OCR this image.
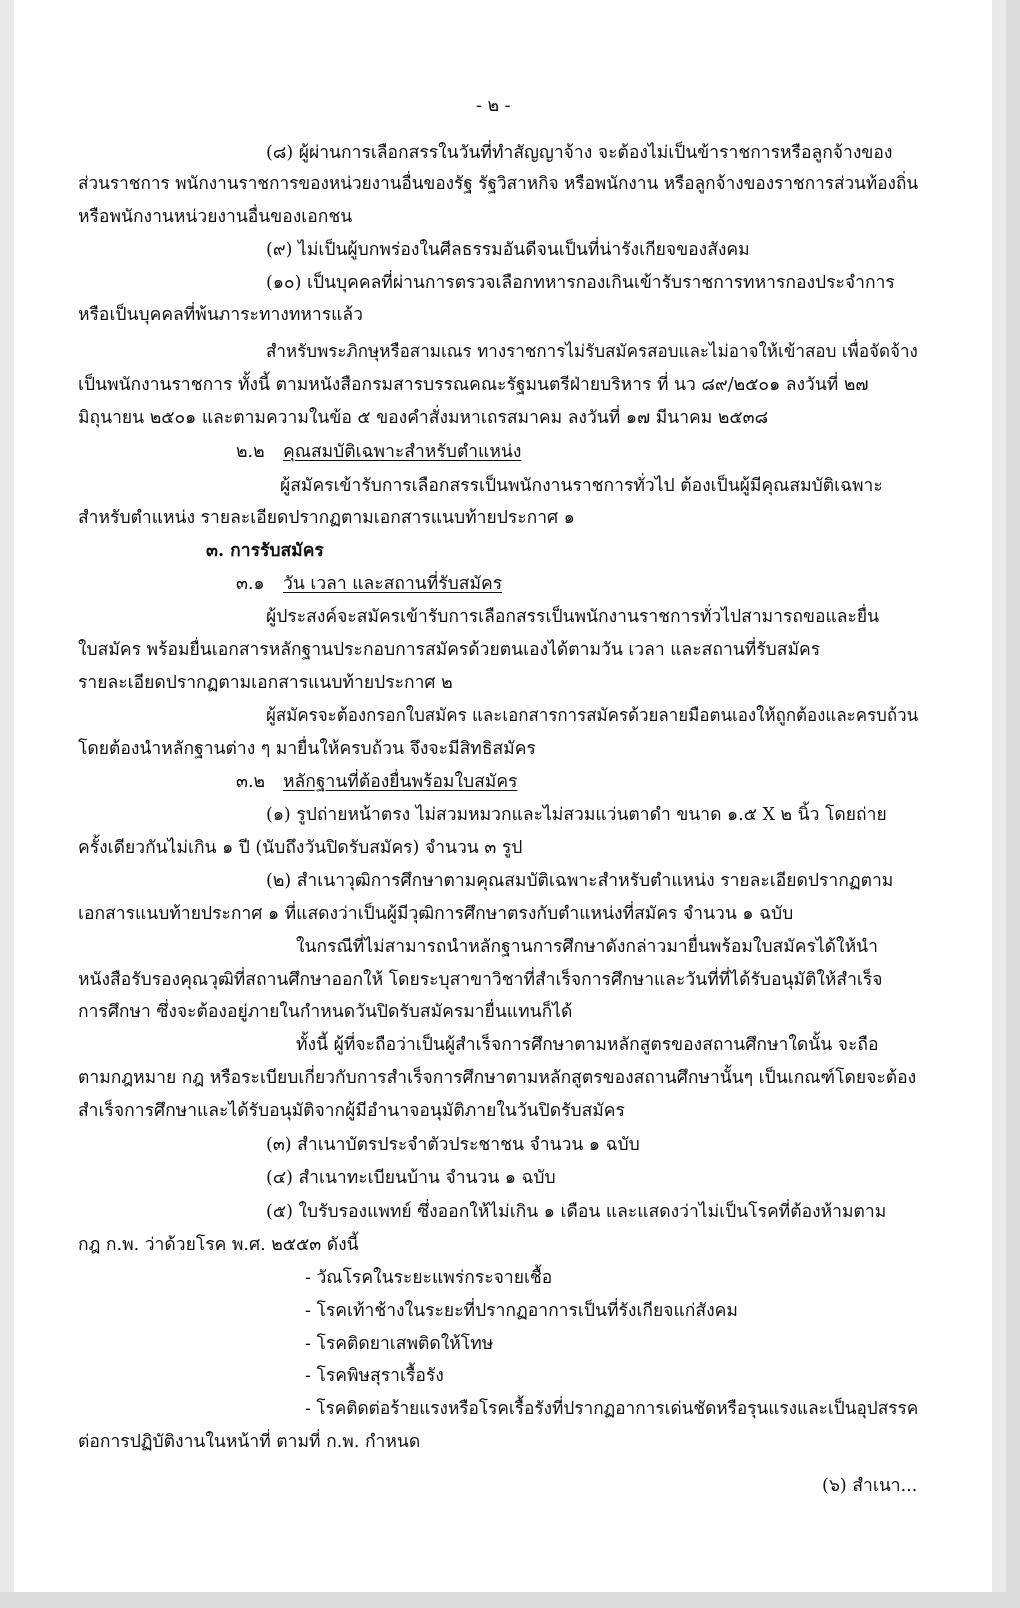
- ๒ -
(๘) ผู้ผ่านการเลือกสรรในวันที่ทำสัญญาจ้าง จะต้องไม่เป็นข้าราชการหรือลูกจ้างของ
ส่วนราชการ พนักงานราชการของหน่วยงานอื่นของรัฐ รัฐวิสาหกิจ หรือพนักงาน หรือลูกจ้างของราชการส่วนท้องถิ่น
หรือพนักงานหน่วยงานอื่นของเอกชน
(๙) ไม่เป็นผู้บกพร่องในศีลธรรมอันดีจนเป็นที่น่ารังเกียจของสังคม
(๑๐) เป็นบุคคลที่ผ่านการตรวจเลือกทหารกองเกินเข้ารับราชการทหารกองประจำการ
หรือเป็นบุคคลที่พ้นภาระทางทหารแล้ว
สำหรับพระภิกษุหรือสามเณร ทางราชการไม่รับสมัครสอบและไม่อาจให้เข้าสอบ เพื่อจัดจ้าง
เป็นพนักงานราชการ ทั้งนี้ ตามหนังสือกรมสารบรรณคณะรัฐมนตรีฝ่ายบริหาร ที่ นว ๘๙/๒๕๐๑ ลงวันที่ ๒๗
มิถุนายน ๒๕๐๑ และตามความในข้อ ๕ ของคำสั่งมหาเถรสมาคม ลงวันที่ ๑๗ มีนาคม ๒๕๓๘
๒.๒ คุณสมบัติเฉพาะสำหรับตำแหน่ง
ผู้สมัครเข้ารับการเลือกสรรเป็นพนักงานราชการทั่วไป ต้องเป็นผู้มีคุณสมบัติเฉพาะ
สำหรับตำแหน่ง รายละเอียดปรากฏตามเอกสารแนบท้ายประกาศ ๑
๓. การรับสมัคร
๓.๑ วัน เวลา และสถานที่รับสมัคร
ผู้ประสงค์จะสมัครเข้ารับการเลือกสรรเป็นพนักงานราชการทั่วไปสามารถขอและยื่น
ใบสมัคร พร้อมยื่นเอกสารหลักฐานประกอบการสมัครด้วยตนเองได้ตามวัน เวลา และสถานที่รับสมัคร
รายละเอียดปรากฏตามเอกสารแนบท้ายประกาศ ๒
ผู้สมัครจะต้องกรอกใบสมัคร และเอกสารการสมัครด้วยลายมือตนเองให้ถูกต้องและครบถ้วน
โดยต้องนำหลักฐานต่าง ๆ มายื่นให้ครบถ้วน จึงจะมีสิทธิสมัคร
๓.๒ หลักฐานที่ต้องยื่นพร้อมใบสมัคร
(๑) รูปถ่ายหน้าตรง ไม่สวมหมวกและไม่สวมแว่นตาดำ ขนาด ๑.๕ X ๒ นิ้ว โดยถ่าย
ครั้งเดียวกันไม่เกิน ๑ ปี (นับถึงวันปิดรับสมัคร) จำนวน ๓ รูป
(๒) สำเนาวุฒิการศึกษาตามคุณสมบัติเฉพาะสำหรับตำแหน่ง รายละเอียดปรากฏตาม
เอกสารแนบท้ายประกาศ ๑ ที่แสดงว่าเป็นผู้มีวุฒิการศึกษาตรงกับตำแหน่งที่สมัคร จำนวน ๑ ฉบับ
ในกรณีที่ไม่สามารถนำหลักฐานการศึกษาดังกล่าวมายื่นพร้อมใบสมัครได้ให้นำ
หนังสือรับรองคุณวุฒิที่สถานศึกษาออกให้ โดยระบุสาขาวิชาที่สำเร็จการศึกษาและวันที่ที่ได้รับอนุมัติให้สำเร็จ
การศึกษา ซึ่งจะต้องอยู่ภายในกำหนดวันปิดรับสมัครมายื่นแทนก็ได้
ทั้งนี้ ผู้ที่จะถือว่าเป็นผู้สำเร็จการศึกษาตามหลักสูตรของสถานศึกษาใดนั้น จะถือ
ตามกฎหมาย กฎ หรือระเบียบเกี่ยวกับการสำเร็จการศึกษาตามหลักสูตรของสถานศึกษานั้นๆ เป็นเกณฑ์โดยจะต้อง
สำเร็จการศึกษาและได้รับอนุมัติจากผู้มีอำนาจอนุมัติภายในวันปิดรับสมัคร
(๓) สำเนาบัตรประจำตัวประชาชน จำนวน ๑ ฉบับ
(๔) สำเนาทะเบียนบ้าน จำนวน ๑ ฉบับ
(๕) ใบรับรองแพทย์ ซึ่งออกให้ไม่เกิน ๑ เดือน และแสดงว่าไม่เป็นโรคที่ต้องห้ามตาม
กฎ ก.พ. ว่าด้วยโรค พ.ศ. ๒๕๕๓ ดังนี้
- วัณโรคในระยะแพร่กระจายเชื้อ
- โรคเท้าช้างในระยะที่ปรากฏอาการเป็นที่รังเกียจแก่สังคม
- โรคติดยาเสพติดให้โทษ
- โรคพิษสุราเรื้อรัง
- โรคติดต่อร้ายแรงหรือโรคเรื้อรังที่ปรากฏอาการเด่นชัดหรือรุนแรงและเป็นอุปสรรค
ต่อการปฏิบัติงานในหน้าที่ ตามที่ ก.พ. กำหนด
(๖) สำเนา...
